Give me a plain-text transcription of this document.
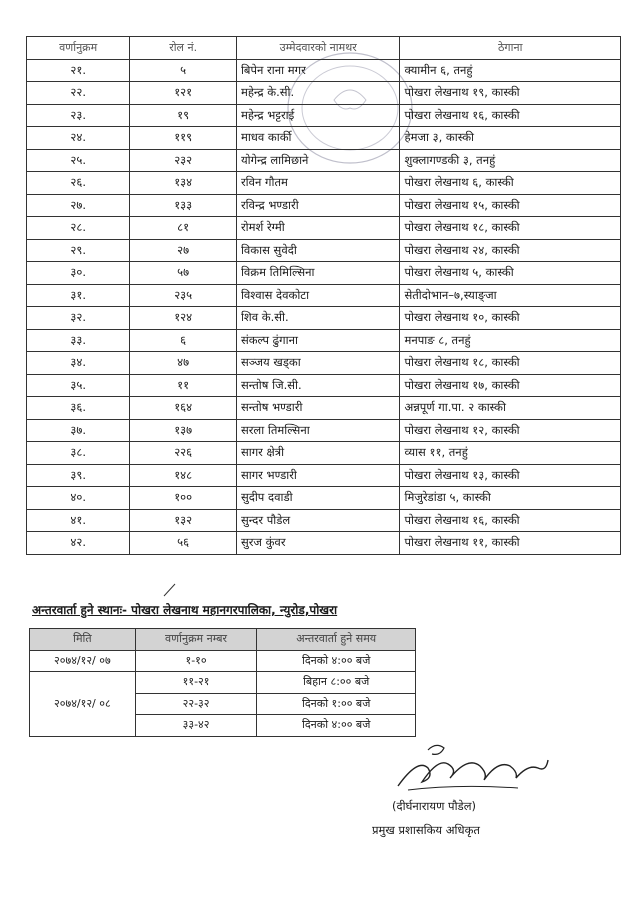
वर्णानुक्रम	रोल नं.	उम्मेदवारको नामथर	ठेगाना
२१.	५	बिपेन राना मगर	क्यामीन ६, तनहुं
२२.	१२१	महेन्द्र के.सी.	पोखरा लेखनाथ १९, कास्की
२३.	१९	महेन्द्र भट्टराई	पोखरा लेखनाथ १६, कास्की
२४.	११९	माधव कार्की	हेमजा ३, कास्की
२५.	२३२	योगेन्द्र लामिछाने	शुक्लागण्डकी ३, तनहुं
२६.	१३४	रविन गौतम	पोखरा लेखनाथ ६, कास्की
२७.	१३३	रविन्द्र भण्डारी	पोखरा लेखनाथ १५, कास्की
२८.	८१	रोमर्श रेग्मी	पोखरा लेखनाथ १८, कास्की
२९.	२७	विकास सुवेदी	पोखरा लेखनाथ २४, कास्की
३०.	५७	विक्रम तिमिल्सिना	पोखरा लेखनाथ ५, कास्की
३१.	२३५	विश्वास देवकोटा	सेतीदोभान–७,स्याङ्जा
३२.	१२४	शिव के.सी.	पोखरा लेखनाथ १०, कास्की
३३.	६	संकल्प ढुंगाना	मनपाङ ८, तनहुं
३४.	४७	सञ्जय खड्का	पोखरा लेखनाथ १८, कास्की
३५.	११	सन्तोष जि.सी.	पोखरा लेखनाथ १७, कास्की
३६.	१६४	सन्तोष भण्डारी	अन्नपूर्ण गा.पा. २ कास्की
३७.	१३७	सरला तिमल्सिना	पोखरा लेखनाथ १२, कास्की
३८.	२२६	सागर क्षेत्री	व्यास ११, तनहुं
३९.	१४८	सागर भण्डारी	पोखरा लेखनाथ १३, कास्की
४०.	१००	सुदीप दवाडी	मिजुरेडांडा ५, कास्की
४१.	१३२	सुन्दर पौडेल	पोखरा लेखनाथ १६, कास्की
४२.	५६	सुरज कुंवर	पोखरा लेखनाथ ११, कास्की
अन्तरवार्ता हुने स्थानः- पोखरा लेखनाथ महानगरपालिका, न्युरोड,पोखरा
मिति	वर्णानुक्रम नम्बर	अन्तरवार्ता हुने समय
२०७४/१२/ ०७	१-१०	दिनको ४:०० बजे
२०७४/१२/ ०८	११-२१	बिहान ८:०० बजे
	२२-३२	दिनको १:०० बजे
	३३-४२	दिनको ४:०० बजे
(दीर्घनारायण पौडेल)
प्रमुख प्रशासकिय अधिकृत
